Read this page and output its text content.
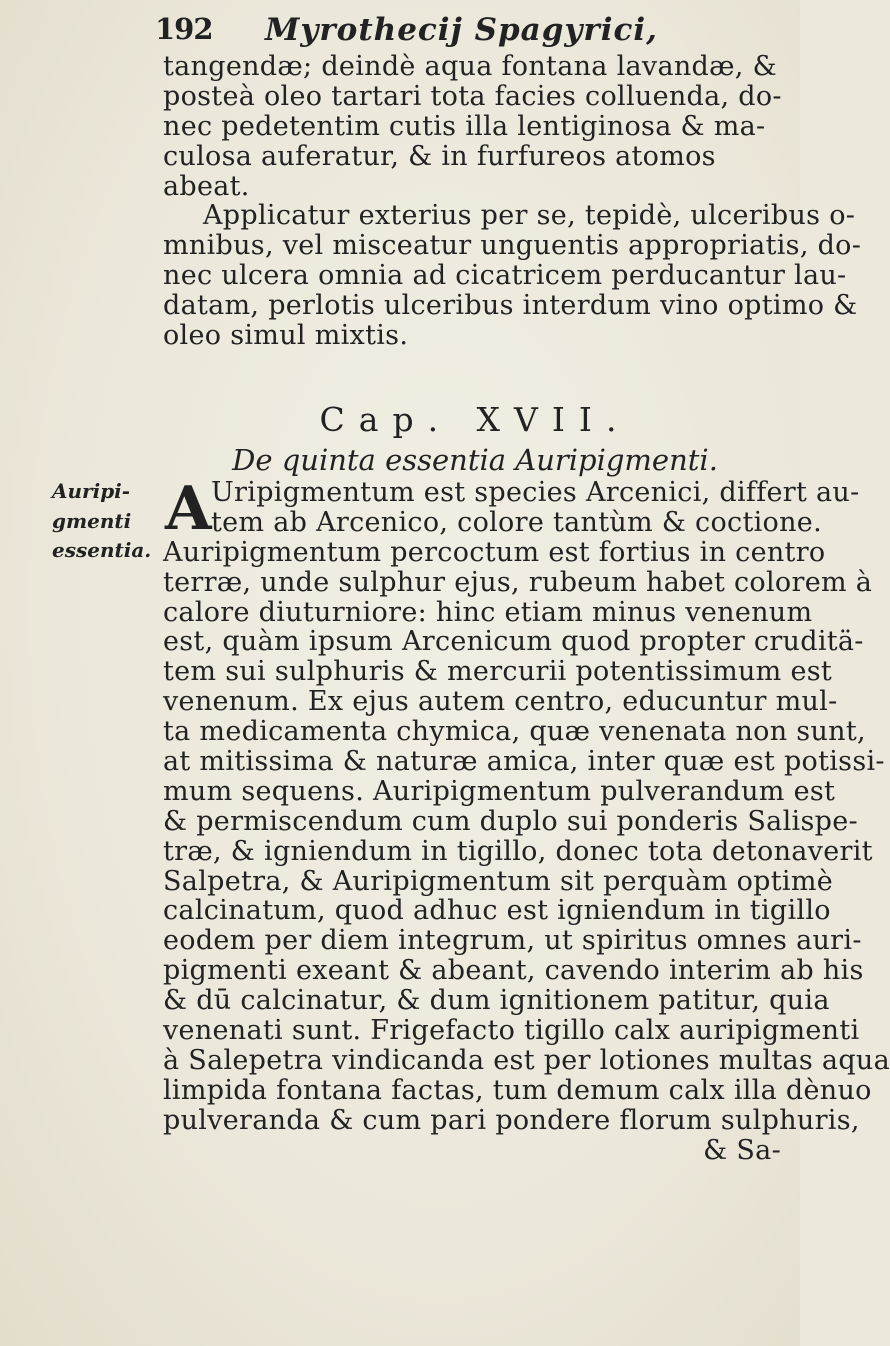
192 Myrothecij Spagyrici,
tangendæ; deindè aqua fontana lavandæ, &
posteà oleo tartari tota facies colluenda, do-
nec pedetentim cutis illa lentiginosa & ma-
culosa auferatur, & in furfureos atomos
abeat.
Applicatur exterius per se, tepidè, ulceribus o-
mnibus, vel misceatur unguentis appropriatis, do-
nec ulcera omnia ad cicatricem perducantur lau-
datam, perlotis ulceribus interdum vino optimo &
oleo simul mixtis.
Cap. XVII.
De quinta essentia Auripigmenti.
Auripi-
gmenti
essentia.
A Uripigmentum est species Arcenici, differt au-
tem ab Arcenico, colore tantùm & coctione.
Auripigmentum percoctum est fortius in centro
terræ, unde sulphur ejus, rubeum habet colorem à
calore diuturniore: hinc etiam minus venenum
est, quàm ipsum Arcenicum quod propter cruditä-
tem sui sulphuris & mercurii potentissimum est
venenum. Ex ejus autem centro, educuntur mul-
ta medicamenta chymica, quæ venenata non sunt,
at mitissima & naturæ amica, inter quæ est potissi-
mum sequens. Auripigmentum pulverandum est
& permiscendum cum duplo sui ponderis Salispe-
træ, & igniendum in tigillo, donec tota detonaverit
Salpetra, & Auripigmentum sit perquàm optimè
calcinatum, quod adhuc est igniendum in tigillo
eodem per diem integrum, ut spiritus omnes auri-
pigmenti exeant & abeant, cavendo interim ab his
& dū calcinatur, & dum ignitionem patitur, quia
venenati sunt. Frigefacto tigillo calx auripigmenti
à Salepetra vindicanda est per lotiones multas aqua
limpida fontana factas, tum demum calx illa dènuo
pulveranda & cum pari pondere florum sulphuris,
& Sa-
